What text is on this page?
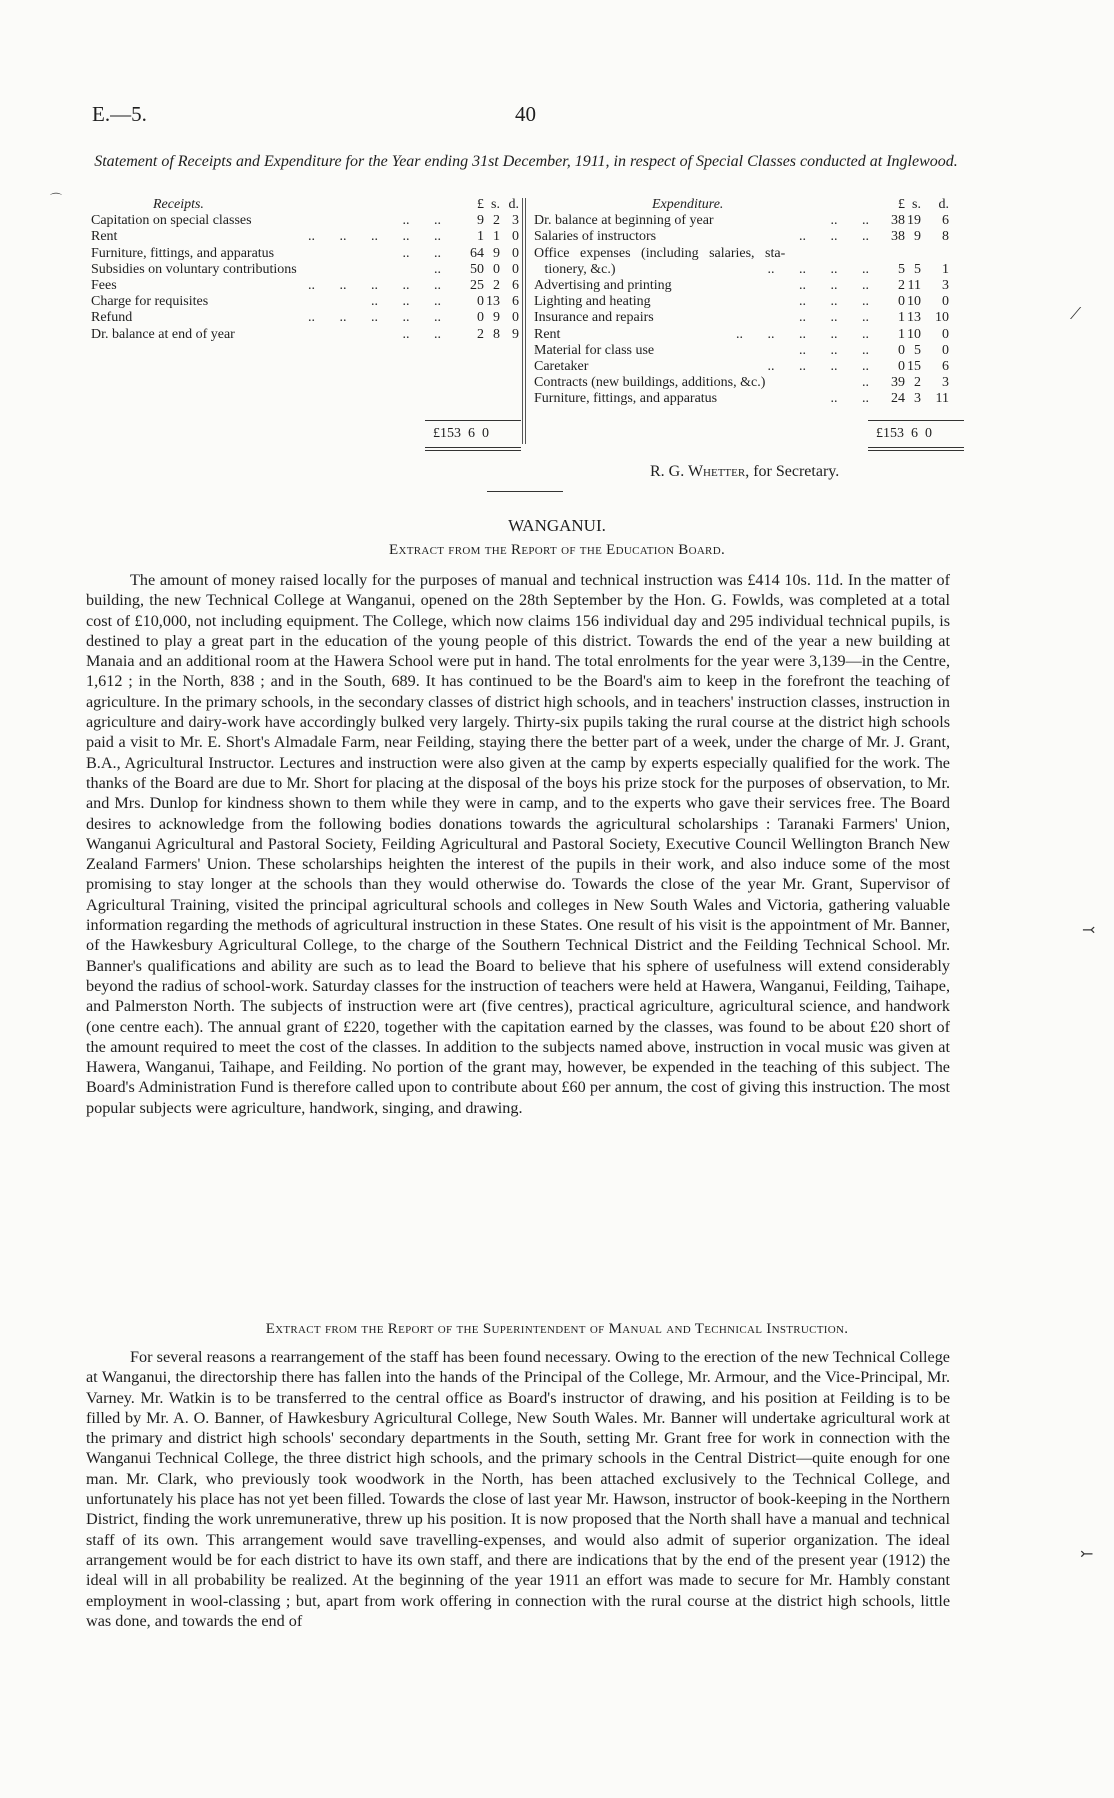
E.—5.	40
Statement of Receipts and Expenditure for the Year ending 31st December, 1911, in respect of Special Classes conducted at Inglewood.
Receipts.	£ s. d.
Capitation on special classes	..       ..	9 2 3
Rent	..       ..       ..       ..       ..	1 1 0
Furniture, fittings, and apparatus	..       ..	64 9 0
Subsidies on voluntary contributions	..	50 0 0
Fees	..       ..       ..       ..       ..	25 2 6
Charge for requisites	..       ..       ..	0 13 6
Refund	..       ..       ..       ..       ..	0 9 0
Dr. balance at end of year	..       ..	2 8 9
Expenditure.	£ s.	d.
Dr. balance at beginning of year	..       ..	38 19	6
Salaries of instructors	..       ..       ..	38 9	8
Office   expenses   (including   salaries,   sta-
tionery, &c.)	..       ..       ..       ..	5 5	1
Advertising and printing	..       ..       ..	2 11	3
Lighting and heating	..       ..       ..	0 10	0
Insurance and repairs	..       ..       ..	1 13	10
Rent	..       ..       ..       ..       ..	1 10	0
Material for class use	..       ..       ..	0 5	0
Caretaker	..       ..       ..       ..	0 15	6
Contracts (new buildings, additions, &c.)	..	39 2	3
Furniture, fittings, and apparatus	..       ..	24 3	11
£153  6  0	£153  6  0
R. G. Whetter, for Secretary.
WANGANUI.
Extract from the Report of the Education Board.

The amount of money raised locally for the purposes of manual and technical instruction was £414 10s. 11d. In the matter of building, the new Technical College at Wanganui, opened on the 28th September by the Hon. G. Fowlds, was completed at a total cost of £10,000, not including equipment. The College, which now claims 156 individual day and 295 individual technical pupils, is destined to play a great part in the education of the young people of this district. Towards the end of the year a new building at Manaia and an additional room at the Hawera School were put in hand. The total enrolments for the year were 3,139—in the Centre, 1,612 ; in the North, 838 ; and in the South, 689. It has continued to be the Board's aim to keep in the forefront the teaching of agriculture. In the primary schools, in the secondary classes of district high schools, and in teachers' instruction classes, instruction in agriculture and dairy-work have accordingly bulked very largely. Thirty-six pupils taking the rural course at the district high schools paid a visit to Mr. E. Short's Almadale Farm, near Feilding, staying there the better part of a week, under the charge of Mr. J. Grant, B.A., Agricultural Instructor. Lectures and instruction were also given at the camp by experts especially qualified for the work. The thanks of the Board are due to Mr. Short for placing at the disposal of the boys his prize stock for the purposes of observation, to Mr. and Mrs. Dunlop for kindness shown to them while they were in camp, and to the experts who gave their services free. The Board desires to acknowledge from the following bodies donations towards the agricultural scholarships : Taranaki Farmers' Union, Wanganui Agricultural and Pastoral Society, Feilding Agricultural and Pastoral Society, Executive Council Wellington Branch New Zealand Farmers' Union. These scholarships heighten the interest of the pupils in their work, and also induce some of the most promising to stay longer at the schools than they would otherwise do. Towards the close of the year Mr. Grant, Supervisor of Agricultural Training, visited the principal agricultural schools and colleges in New South Wales and Victoria, gathering valuable information regarding the methods of agricultural instruction in these States. One result of his visit is the appointment of Mr. Banner, of the Hawkesbury Agricultural College, to the charge of the Southern Technical District and the Feilding Technical School. Mr. Banner's qualifications and ability are such as to lead the Board to believe that his sphere of usefulness will extend considerably beyond the radius of school-work. Saturday classes for the instruction of teachers were held at Hawera, Wanganui, Feilding, Taihape, and Palmerston North. The subjects of instruction were art (five centres), practical agriculture, agricultural science, and handwork (one centre each). The annual grant of £220, together with the capitation earned by the classes, was found to be about £20 short of the amount required to meet the cost of the classes. In addition to the subjects named above, instruction in vocal music was given at Hawera, Wanganui, Taihape, and Feilding. No portion of the grant may, however, be expended in the teaching of this subject. The Board's Administration Fund is therefore called upon to contribute about £60 per annum, the cost of giving this instruction. The most popular subjects were agriculture, handwork, singing, and drawing.

Extract from the Report of the Superintendent of Manual and Technical Instruction.

For several reasons a rearrangement of the staff has been found necessary. Owing to the erection of the new Technical College at Wanganui, the directorship there has fallen into the hands of the Principal of the College, Mr. Armour, and the Vice-Principal, Mr. Varney. Mr. Watkin is to be transferred to the central office as Board's instructor of drawing, and his position at Feilding is to be filled by Mr. A. O. Banner, of Hawkesbury Agricultural College, New South Wales. Mr. Banner will undertake agricultural work at the primary and district high schools' secondary departments in the South, setting Mr. Grant free for work in connection with the Wanganui Technical College, the three district high schools, and the primary schools in the Central District—quite enough for one man. Mr. Clark, who previously took woodwork in the North, has been attached exclusively to the Technical College, and unfortunately his place has not yet been filled. Towards the close of last year Mr. Hawson, instructor of book-keeping in the Northern District, finding the work unremunerative, threw up his position. It is now proposed that the North shall have a manual and technical staff of its own. This arrangement would save travelling-expenses, and would also admit of superior organization. The ideal arrangement would be for each district to have its own staff, and there are indications that by the end of the present year (1912) the ideal will in all probability be realized. At the beginning of the year 1911 an effort was made to secure for Mr. Hambly constant employment in wool-classing ; but, apart from work offering in connection with the rural course at the district high schools, little was done, and towards the end of

⌒
⟋
⤙
⤚
